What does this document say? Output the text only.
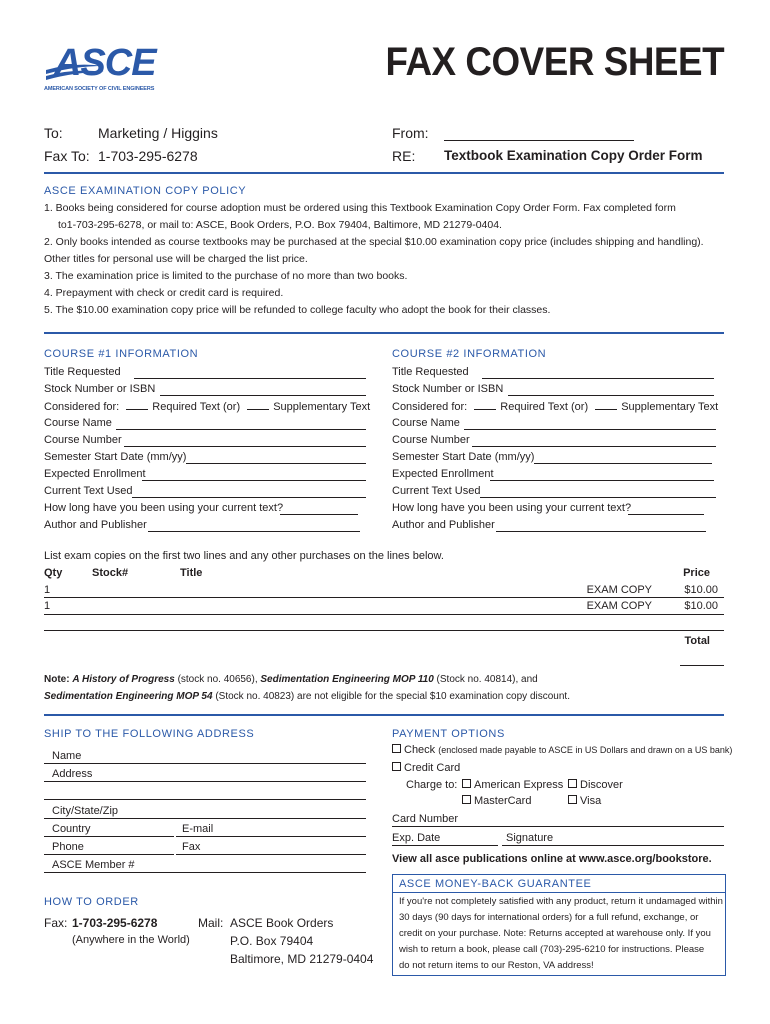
ASCE
AMERICAN SOCIETY OF CIVIL ENGINEERS
FAX COVER SHEET
To:	Marketing / Higgins
Fax To: 1-703-295-6278
From:
RE: Textbook Examination Copy Order Form
ASCE EXAMINATION COPY POLICY
1. Books being considered for course adoption must be ordered using this Textbook Examination Copy Order Form. Fax completed form
to1-703-295-6278, or mail to: ASCE, Book Orders, P.O. Box 79404, Baltimore, MD 21279-0404.
2. Only books intended as course textbooks may be purchased at the special $10.00 examination copy price (includes shipping and handling).
Other titles for personal use will be charged the list price.
3. The examination price is limited to the purchase of no more than two books.
4. Prepayment with check or credit card is required.
5. The $10.00 examination copy price will be refunded to college faculty who adopt the book for their classes.
COURSE #1 INFORMATION
Title Requested
Stock Number or ISBN
Considered for:	Required Text (or)	Supplementary Text
Course Name
Course Number
Semester Start Date (mm/yy)
Expected Enrollment
Current Text Used
How long have you been using your current text?
Author and Publisher
COURSE #2 INFORMATION
Title Requested
Stock Number or ISBN
Considered for:	Required Text (or)	Supplementary Text
Course Name
Course Number
Semester Start Date (mm/yy)
Expected Enrollment
Current Text Used
How long have you been using your current text?
Author and Publisher
List exam copies on the first two lines and any other purchases on the lines below.
Qty	Stock#	Title	Price
1	EXAM COPY	$10.00
1	EXAM COPY	$10.00
Total
Note: A History of Progress (stock no. 40656), Sedimentation Engineering MOP 110 (Stock no. 40814), and
Sedimentation Engineering MOP 54 (Stock no. 40823) are not eligible for the special $10 examination copy discount.
SHIP TO THE FOLLOWING ADDRESS
Name
Address
City/State/Zip
Country	E-mail
Phone	Fax
ASCE Member #
HOW TO ORDER
Fax: 1-703-295-6278
(Anywhere in the World)
Mail: ASCE Book Orders
P.O. Box 79404
Baltimore, MD 21279-0404
PAYMENT OPTIONS
Check (enclosed made payable to ASCE in US Dollars and drawn on a US bank)
Credit Card
Charge to:	American Express	Discover
MasterCard	Visa
Card Number
Exp. Date	Signature
View all asce publications online at www.asce.org/bookstore.
ASCE MONEY-BACK GUARANTEE
If you're not completely satisfied with any product, return it undamaged within
30 days (90 days for international orders) for a full refund, exchange, or
credit on your purchase. Note: Returns accepted at warehouse only. If you
wish to return a book, please call (703)-295-6210 for instructions. Please
do not return items to our Reston, VA address!
